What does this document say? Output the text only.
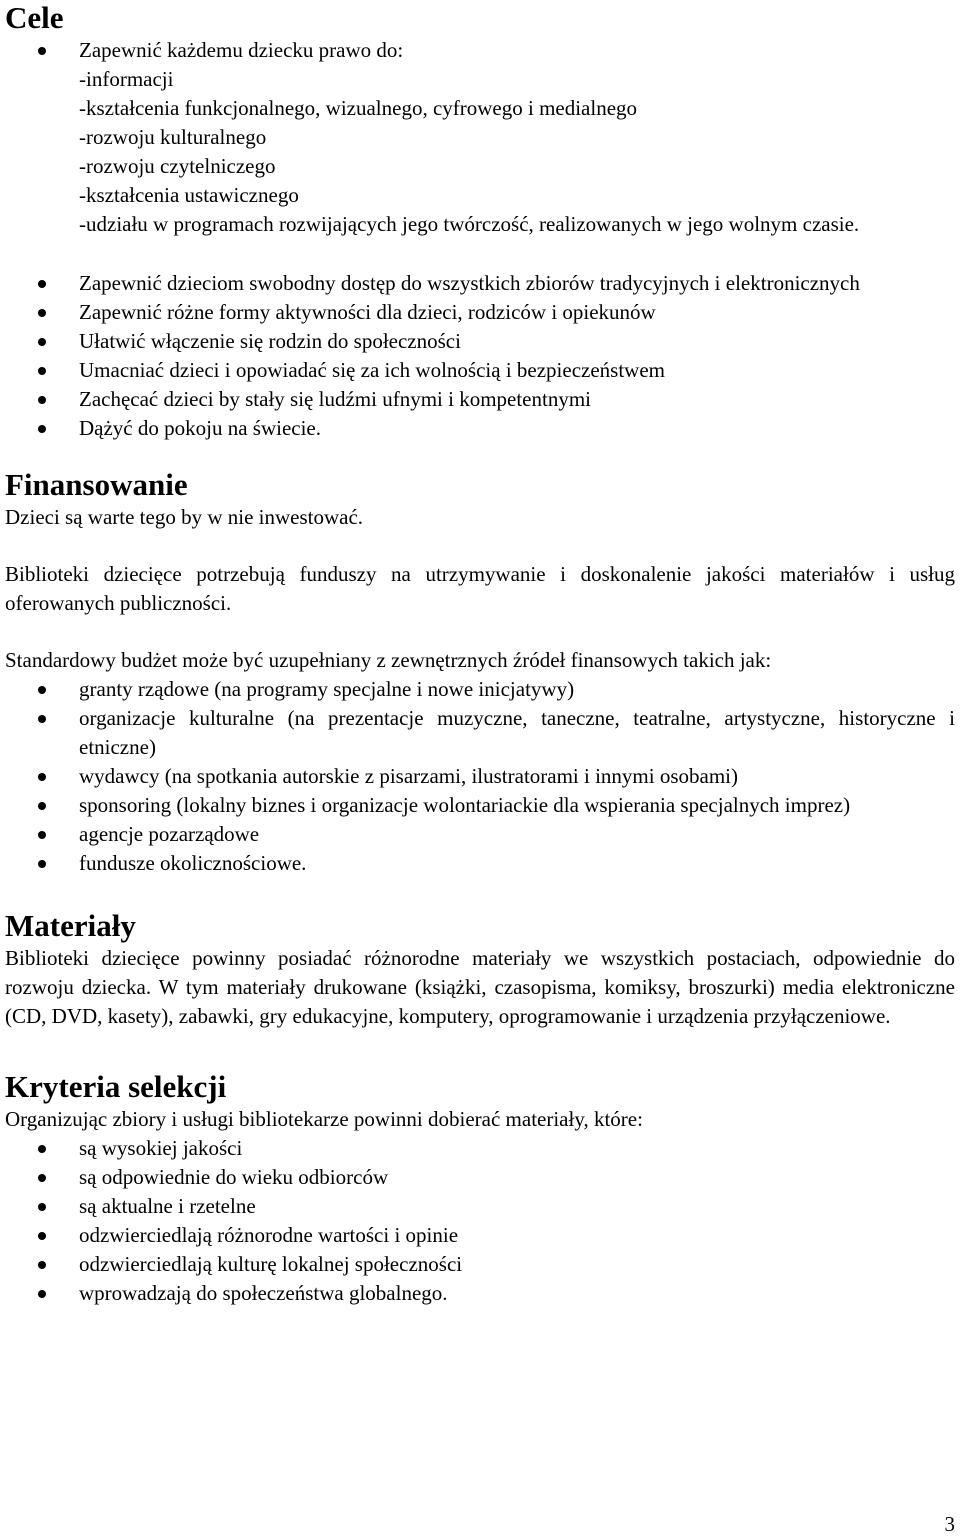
Cele
Zapewnić każdemu dziecku prawo do:
-informacji
-kształcenia funkcjonalnego, wizualnego, cyfrowego i medialnego
-rozwoju kulturalnego
-rozwoju czytelniczego
-kształcenia ustawicznego
-udziału w programach rozwijających jego twórczość, realizowanych w jego wolnym czasie.
Zapewnić dzieciom swobodny dostęp do wszystkich zbiorów tradycyjnych i elektronicznych
Zapewnić różne formy aktywności dla dzieci, rodziców i opiekunów
Ułatwić włączenie się rodzin do społeczności
Umacniać dzieci i opowiadać się za ich wolnością i bezpieczeństwem
Zachęcać dzieci by stały się ludźmi ufnymi i kompetentnymi
Dążyć do pokoju na świecie.
Finansowanie

Dzieci są warte tego by w nie inwestować.

Biblioteki dziecięce potrzebują funduszy na utrzymywanie i doskonalenie jakości materiałów i usług oferowanych publiczności.

Standardowy budżet może być uzupełniany z zewnętrznych źródeł finansowych takich jak:

granty rządowe (na programy specjalne i nowe inicjatywy)
organizacje kulturalne (na prezentacje muzyczne, taneczne, teatralne, artystyczne, historyczne i etniczne)
wydawcy (na spotkania autorskie z pisarzami, ilustratorami i innymi osobami)
sponsoring (lokalny biznes i organizacje wolontariackie dla wspierania specjalnych imprez)
agencje pozarządowe
fundusze okolicznościowe.
Materiały

Biblioteki dziecięce powinny posiadać różnorodne materiały we wszystkich postaciach, odpowiednie do rozwoju dziecka. W tym materiały drukowane (książki, czasopisma, komiksy, broszurki) media elektroniczne (CD, DVD, kasety), zabawki, gry edukacyjne, komputery, oprogramowanie i urządzenia przyłączeniowe.

Kryteria selekcji

Organizując zbiory i usługi bibliotekarze powinni dobierać materiały, które:

są wysokiej jakości
są odpowiednie do wieku odbiorców
są aktualne i rzetelne
odzwierciedlają różnorodne wartości i opinie
odzwierciedlają kulturę lokalnej społeczności
wprowadzają do społeczeństwa globalnego.
3
